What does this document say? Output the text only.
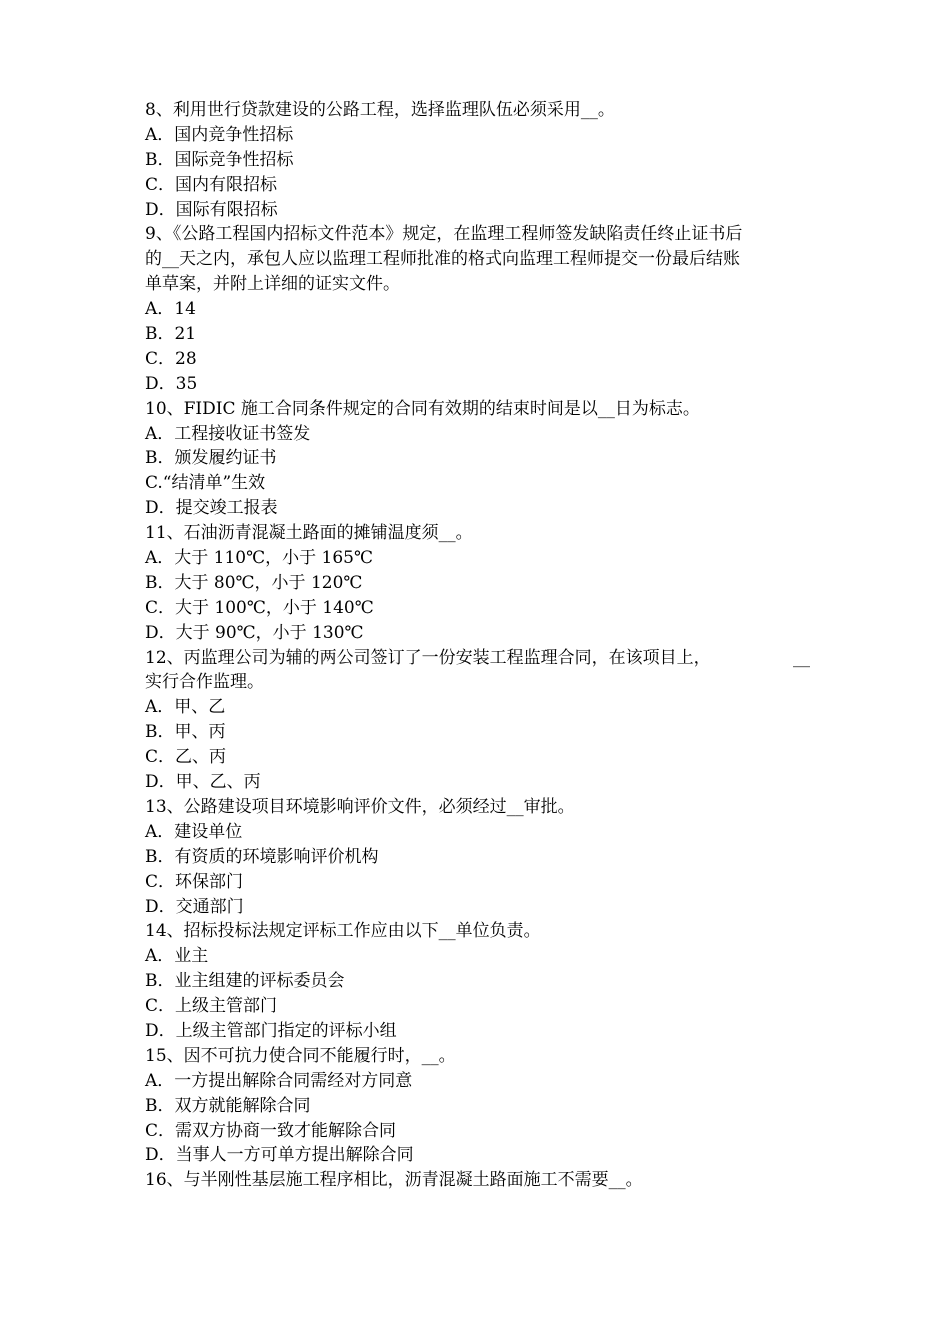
8、利用世行贷款建设的公路工程，选择监理队伍必须采用__。
A．国内竞争性招标
B．国际竞争性招标
C．国内有限招标
D．国际有限招标
9、《公路工程国内招标文件范本》规定，在监理工程师签发缺陷责任终止证书后
的__天之内，承包人应以监理工程师批准的格式向监理工程师提交一份最后结账
单草案，并附上详细的证实文件。
A．14
B．21
C．28
D．35
10、FIDIC 施工合同条件规定的合同有效期的结束时间是以__日为标志。
A．工程接收证书签发
B．颁发履约证书
C.“结清单”生效
D．提交竣工报表
11、石油沥青混凝土路面的摊铺温度须__。
A．大于 110℃，小于 165℃
B．大于 80℃，小于 120℃
C．大于 100℃，小于 140℃
D．大于 90℃，小于 130℃
12、丙监理公司为辅的两公司签订了一份安装工程监理合同，在该项目上，	__
实行合作监理。
A．甲、乙
B．甲、丙
C．乙、丙
D．甲、乙、丙
13、公路建设项目环境影响评价文件，必须经过__审批。
A．建设单位
B．有资质的环境影响评价机构
C．环保部门
D．交通部门
14、招标投标法规定评标工作应由以下__单位负责。
A．业主
B．业主组建的评标委员会
C．上级主管部门
D．上级主管部门指定的评标小组
15、因不可抗力使合同不能履行时，__。
A．一方提出解除合同需经对方同意
B．双方就能解除合同
C．需双方协商一致才能解除合同
D．当事人一方可单方提出解除合同
16、与半刚性基层施工程序相比，沥青混凝土路面施工不需要__。
